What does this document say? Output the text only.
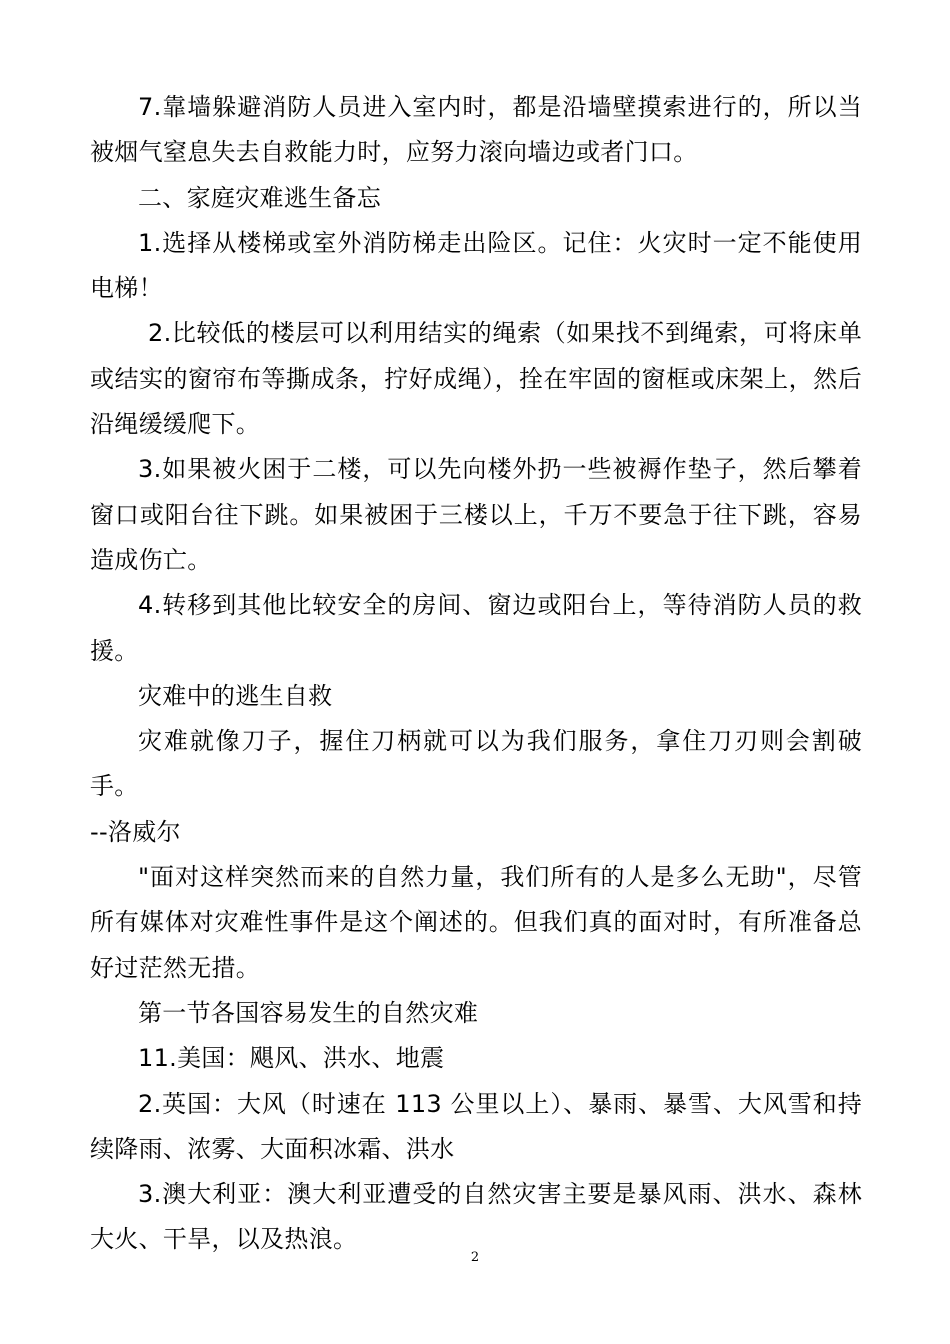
7.靠墙躲避消防人员进入室内时，都是沿墙壁摸索进行的，所以当被烟气窒息失去自救能力时，应努力滚向墙边或者门口。

二、家庭灾难逃生备忘

1.选择从楼梯或室外消防梯走出险区。记住：火灾时一定不能使用电梯！

2.比较低的楼层可以利用结实的绳索（如果找不到绳索，可将床单或结实的窗帘布等撕成条，拧好成绳），拴在牢固的窗框或床架上，然后沿绳缓缓爬下。

3.如果被火困于二楼，可以先向楼外扔一些被褥作垫子，然后攀着窗口或阳台往下跳。如果被困于三楼以上，千万不要急于往下跳，容易造成伤亡。

4.转移到其他比较安全的房间、窗边或阳台上，等待消防人员的救援。

灾难中的逃生自救

灾难就像刀子，握住刀柄就可以为我们服务，拿住刀刃则会割破手。

--洛威尔

"面对这样突然而来的自然力量，我们所有的人是多么无助"，尽管所有媒体对灾难性事件是这个阐述的。但我们真的面对时，有所准备总好过茫然无措。

第一节各国容易发生的自然灾难

11.美国：飓风、洪水、地震

2.英国：大风（时速在 113 公里以上）、暴雨、暴雪、大风雪和持续降雨、浓雾、大面积冰霜、洪水

3.澳大利亚：澳大利亚遭受的自然灾害主要是暴风雨、洪水、森林大火、干旱，以及热浪。

2
